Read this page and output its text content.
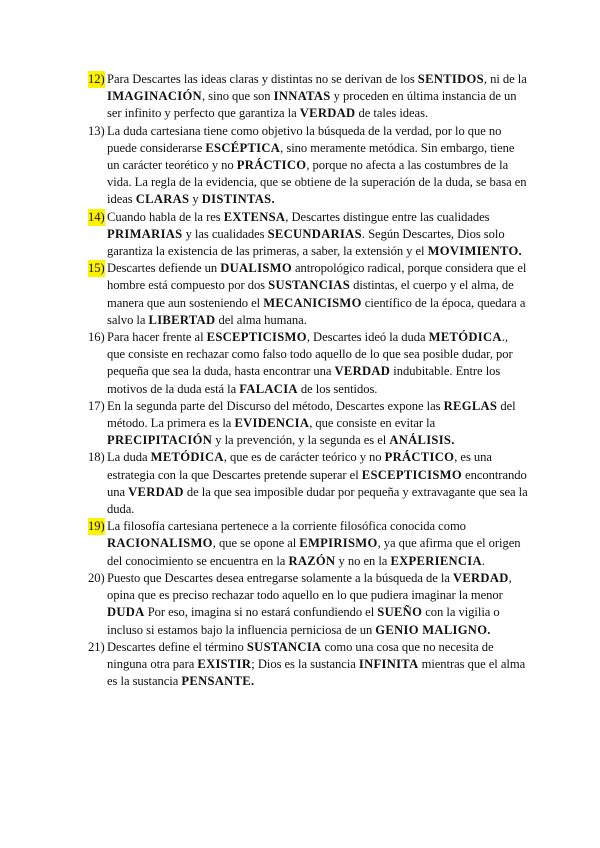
12) Para Descartes las ideas claras y distintas no se derivan de los SENTIDOS, ni de la IMAGINACIÓN, sino que son INNATAS y proceden en última instancia de un ser infinito y perfecto que garantiza la VERDAD de tales ideas.
13) La duda cartesiana tiene como objetivo la búsqueda de la verdad, por lo que no puede considerarse ESCÉPTICA, sino meramente metódica. Sin embargo, tiene un carácter teorético y no PRÁCTICO, porque no afecta a las costumbres de la vida. La regla de la evidencia, que se obtiene de la superación de la duda, se basa en ideas CLARAS y DISTINTAS.
14) Cuando habla de la res EXTENSA, Descartes distingue entre las cualidades PRIMARIAS y las cualidades SECUNDARIAS. Según Descartes, Dios solo garantiza la existencia de las primeras, a saber, la extensión y el MOVIMIENTO.
15) Descartes defiende un DUALISMO antropológico radical, porque considera que el hombre está compuesto por dos SUSTANCIAS distintas, el cuerpo y el alma, de manera que aun sosteniendo el MECANICISMO científico de la época, quedara a salvo la LIBERTAD del alma humana.
16) Para hacer frente al ESCEPTICISMO, Descartes ideó la duda METÓDICA., que consiste en rechazar como falso todo aquello de lo que sea posible dudar, por pequeña que sea la duda, hasta encontrar una VERDAD indubitable. Entre los motivos de la duda está la FALACIA de los sentidos.
17) En la segunda parte del Discurso del método, Descartes expone las REGLAS del método. La primera es la EVIDENCIA, que consiste en evitar la PRECIPITACIÓN y la prevención, y la segunda es el ANÁLISIS.
18) La duda METÓDICA, que es de carácter teórico y no PRÁCTICO, es una estrategia con la que Descartes pretende superar el ESCEPTICISMO encontrando una VERDAD de la que sea imposible dudar por pequeña y extravagante que sea la duda.
19) La filosofía cartesiana pertenece a la corriente filosófica conocida como RACIONALISMO, que se opone al EMPIRISMO, ya que afirma que el origen del conocimiento se encuentra en la RAZÓN y no en la EXPERIENCIA.
20) Puesto que Descartes desea entregarse solamente a la búsqueda de la VERDAD, opina que es preciso rechazar todo aquello en lo que pudiera imaginar la menor DUDA Por eso, imagina si no estará confundiendo el SUEÑO con la vigilia o incluso si estamos bajo la influencia perniciosa de un GENIO MALIGNO.
21) Descartes define el término SUSTANCIA como una cosa que no necesita de ninguna otra para EXISTIR; Dios es la sustancia INFINITA mientras que el alma es la sustancia PENSANTE.
